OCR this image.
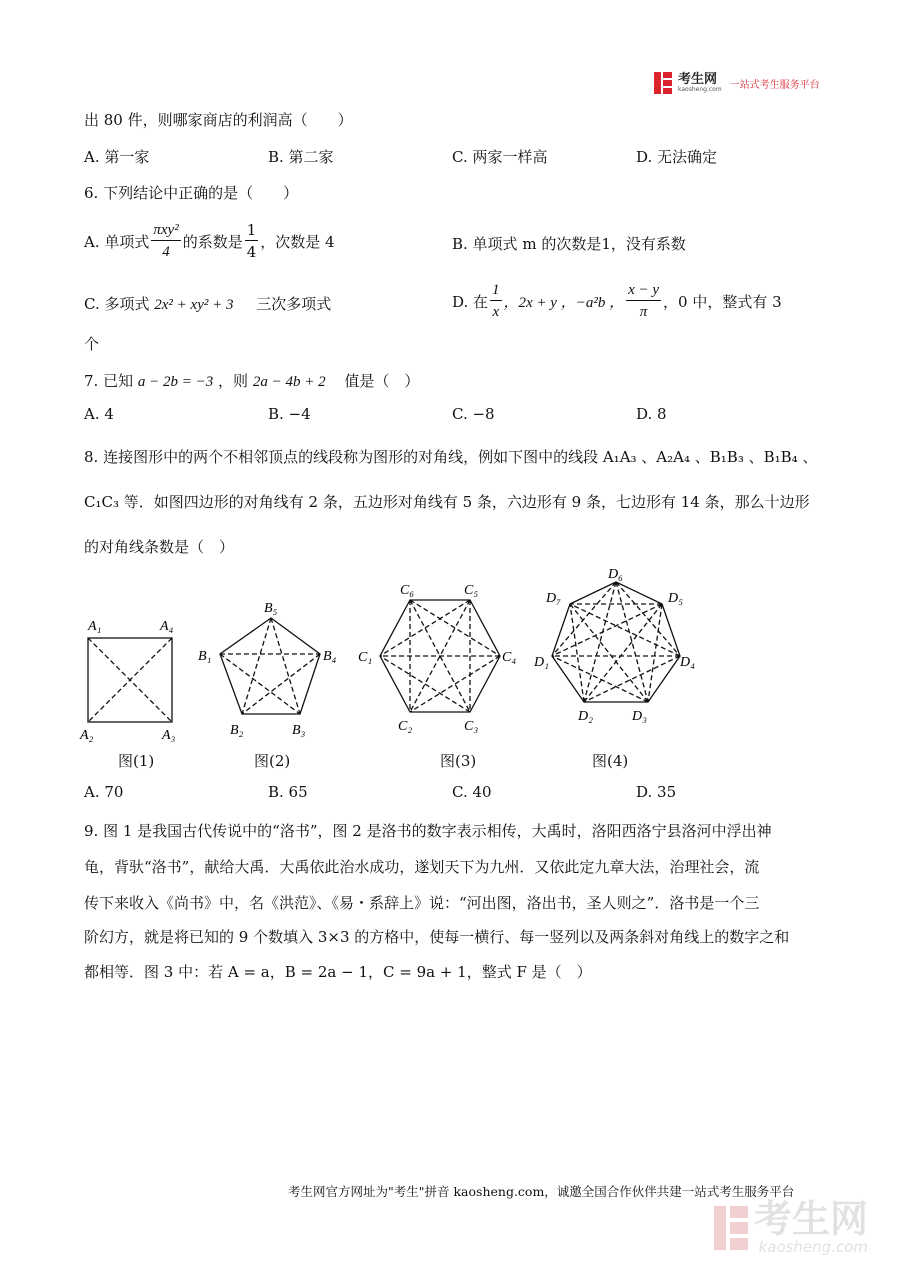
考生网
kaosheng.com 一站式考生服务平台
出 80 件，则哪家商店的利润高（　　）
A. 第一家	B. 第二家	C. 两家一样高	D. 无法确定
6. 下列结论中正确的是（　　）
A. 单项式 $\frac{\text{πxy²}}{4}$ 的系数是 $\frac{1}{4}$ ，次数是 4	B. 单项式 m 的次数是1，没有系数
C. 多项式 2x² + xy² + 3 三次多项式	D. 在 $\frac{1}{x}$ ，2x + y ，−a²b ， $\frac{x - y}{\pi}$ ，0 中，整式有 3
个
7. 已知 a − 2b = −3 ，则 2a − 4b + 2 值是（　）
A. 4	B. −4	C. −8	D. 8
8. 连接图形中的两个不相邻顶点的线段称为图形的对角线，例如下图中的线段 A₁A₃ 、A₂A₄ 、B₁B₃ 、B₁B₄ 、
C₁C₃ 等．如图四边形的对角线有 2 条，五边形对角线有 5 条，六边形有 9 条，七边形有 14 条，那么十边形
的对角线条数是（　）
A₁	A₄
A₂	A₃
B₅
B₁	B₄
B₂	B₃
C₆	C₅
C₁	C₄
C₂	C₃
D₆
D₇	D₅
D₁	D₄
D₂	D₃
图(1)	图(2)	图(3)	图(4)
A. 70	B. 65	C. 40	D. 35
9. 图 1 是我国古代传说中的“洛书”，图 2 是洛书的数字表示相传，大禹时，洛阳西洛宁县洛河中浮出神
龟，背驮“洛书”，献给大禹．大禹依此治水成功，遂划天下为九州．又依此定九章大法，治理社会，流
传下来收入《尚书》中，名《洪范》、《易・系辞上》说：“河出图，洛出书，圣人则之”．洛书是一个三
阶幻方，就是将已知的 9 个数填入 3×3 的方格中，使每一横行、每一竖列以及两条斜对角线上的数字之和
都相等．图 3 中：若 A = a，B = 2a − 1，C = 9a + 1，整式 F 是（　）
考生网官方网址为"考生"拼音 kaosheng.com，诚邀全国合作伙伴共建一站式考生服务平台
考生网
kaosheng.com
